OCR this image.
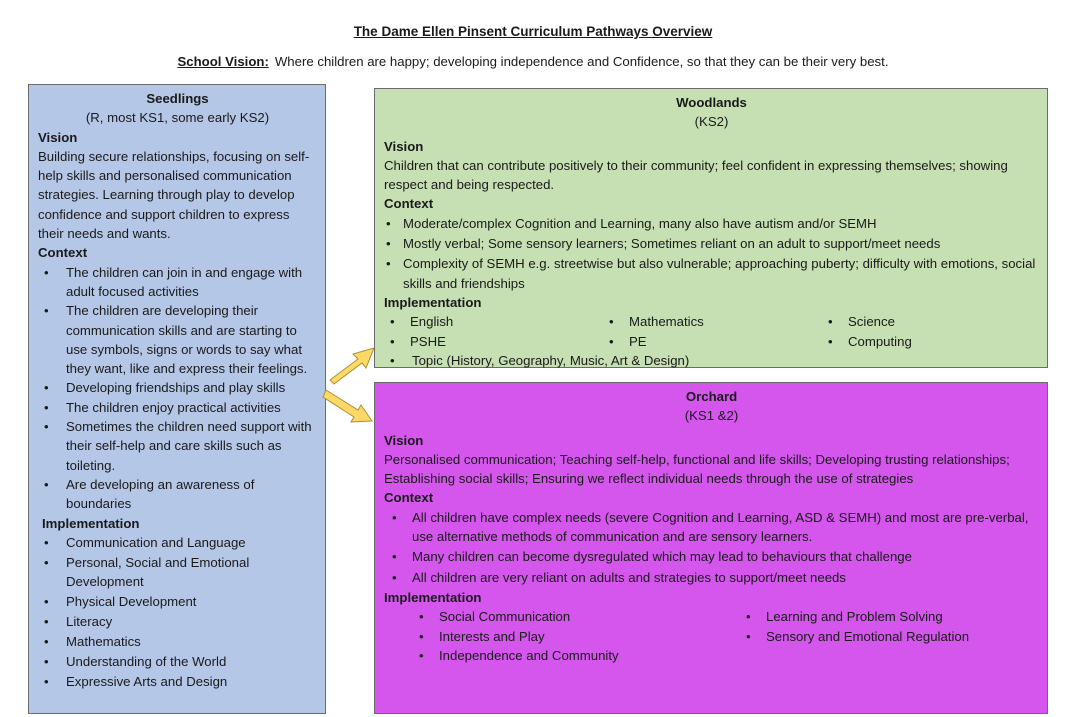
The Dame Ellen Pinsent Curriculum Pathways Overview
School Vision: Where children are happy; developing independence and Confidence, so that they can be their very best.
Seedlings
(R, most KS1, some early KS2)
Vision

Building secure relationships, focusing on self-help skills and personalised communication strategies. Learning through play to develop confidence and support children to express their needs and wants.

Context
• The children can join in and engage with adult focused activities
• The children are developing their communication skills and are starting to use symbols, signs or words to say what they want, like and express their feelings.
• Developing friendships and play skills
• The children enjoy practical activities
• Sometimes the children need support with their self-help and care skills such as toileting.
• Are developing an awareness of boundaries
Implementation
• Communication and Language
• Personal, Social and Emotional Development
• Physical Development
• Literacy
• Mathematics
• Understanding of the World
• Expressive Arts and Design
Woodlands
(KS2)
Vision

Children that can contribute positively to their community; feel confident in expressing themselves; showing respect and being respected.

Context
• Moderate/complex Cognition and Learning, many also have autism and/or SEMH
• Mostly verbal; Some sensory learners; Sometimes reliant on an adult to support/meet needs
• Complexity of SEMH e.g. streetwise but also vulnerable; approaching puberty; difficulty with emotions, social skills and friendships
Implementation
• English
• PSHE
• Topic (History, Geography, Music, Art & Design)
• Mathematics
• PE
• Science
• Computing
Orchard
(KS1 &2)
Vision

Personalised communication; Teaching self-help, functional and life skills; Developing trusting relationships; Establishing social skills; Ensuring we reflect individual needs through the use of strategies

Context
• All children have complex needs (severe Cognition and Learning, ASD & SEMH) and most are pre-verbal, use alternative methods of communication and are sensory learners.
• Many children can become dysregulated which may lead to behaviours that challenge
• All children are very reliant on adults and strategies to support/meet needs
Implementation
• Social Communication
• Interests and Play
• Independence and Community
• Learning and Problem Solving
• Sensory and Emotional Regulation
